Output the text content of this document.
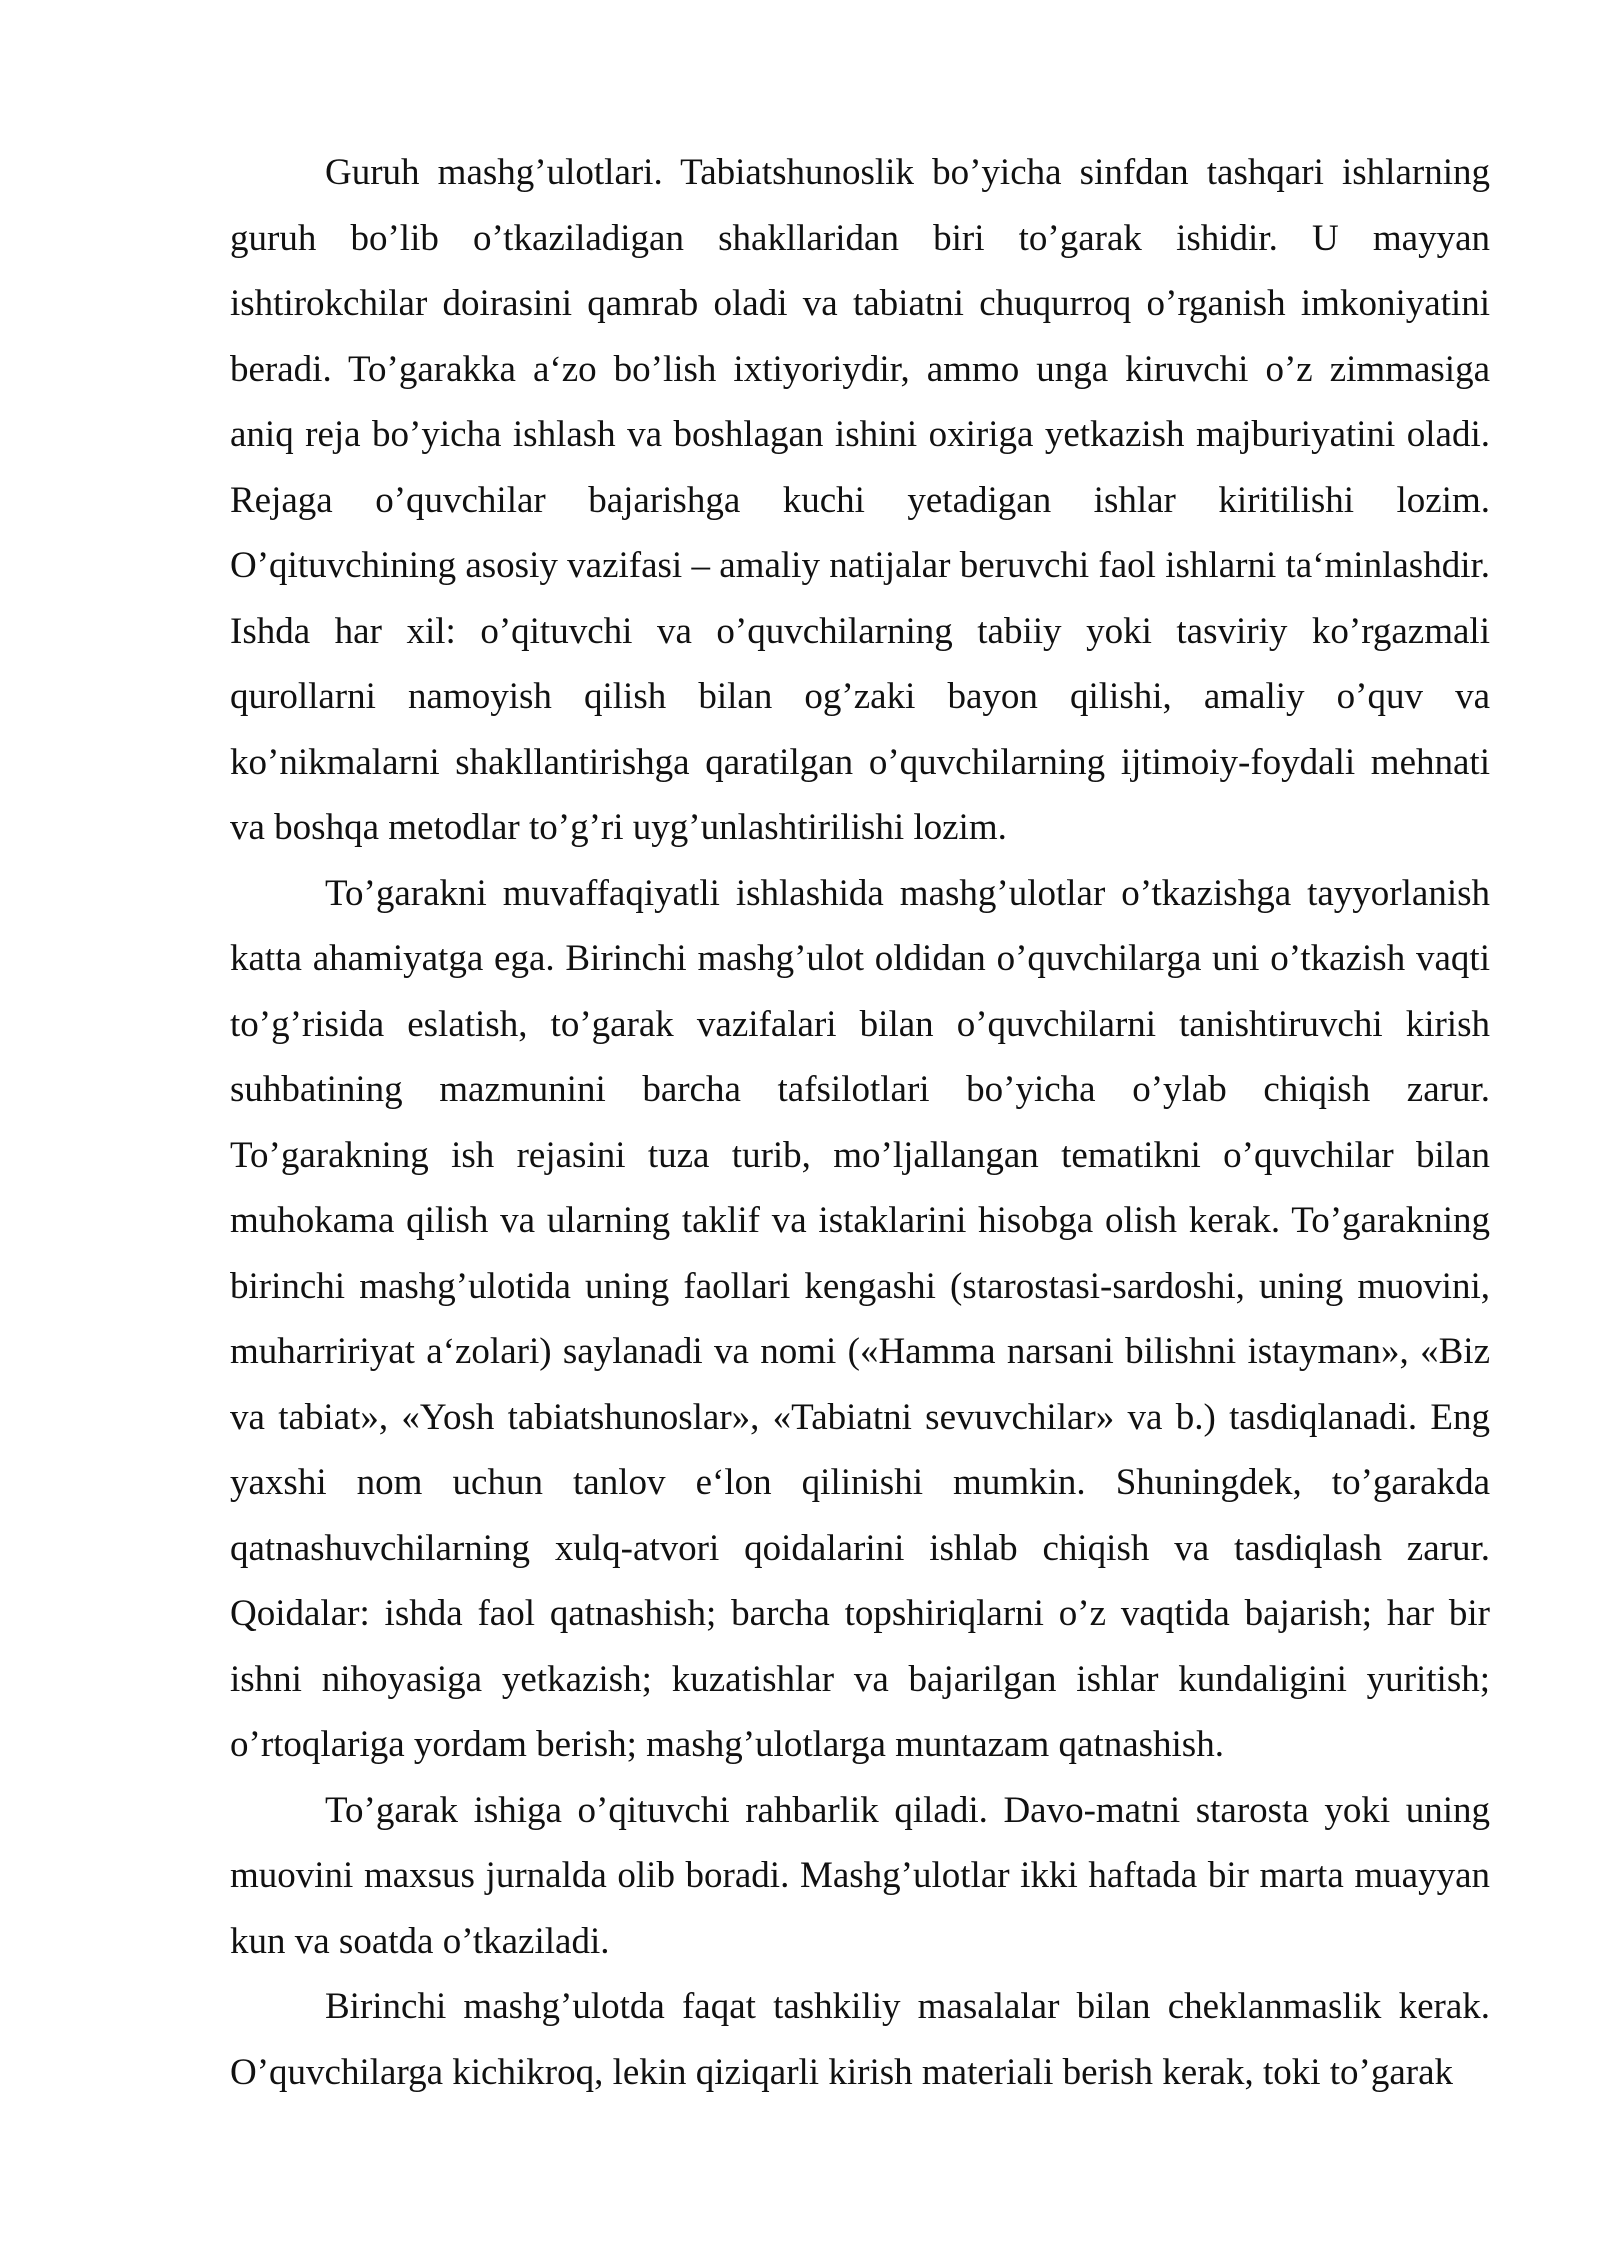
Guruh mashg’ulotlari. Tabiatshunoslik bo’yicha sinfdan tashqari ishlarning guruh bo’lib o’tkaziladigan shakllaridan biri to’garak ishidir. U mayyan ishtirokchilar doirasini qamrab oladi va tabiatni chuqurroq o’rganish imkoniyatini beradi. To’garakka a‘zo bo’lish ixtiyoriydir, ammo unga kiruvchi o’z zimmasiga aniq reja bo’yicha ishlash va boshlagan ishini oxiriga yetkazish majburiyatini oladi. Rejaga o’quvchilar bajarishga kuchi yetadigan ishlar kiritilishi lozim. O’qituvchining asosiy vazifasi – amaliy natijalar beruvchi faol ishlarni ta‘minlashdir. Ishda har xil: o’qituvchi va o’quvchilarning tabiiy yoki tasviriy ko’rgazmali qurollarni namoyish qilish bilan og’zaki bayon qilishi, amaliy o’quv va ko’nikmalarni shakllantirishga qaratilgan o’quvchilarning ijtimoiy-foydali mehnati va boshqa metodlar to’g’ri uyg’unlashtirilishi lozim.

To’garakni muvaffaqiyatli ishlashida mashg’ulotlar o’tkazishga tayyorlanish katta ahamiyatga ega. Birinchi mashg’ulot oldidan o’quvchilarga uni o’tkazish vaqti to’g’risida eslatish, to’garak vazifalari bilan o’quvchilarni tanishtiruvchi kirish suhbatining mazmunini barcha tafsilotlari bo’yicha o’ylab chiqish zarur. To’garakning ish rejasini tuza turib, mo’ljallangan tematikni o’quvchilar bilan muhokama qilish va ularning taklif va istaklarini hisobga olish kerak. To’garakning birinchi mashg’ulotida uning faollari kengashi (starostasi-sardoshi, uning muovini, muharririyat a‘zolari) saylanadi va nomi («Hamma narsani bilishni istayman», «Biz va tabiat», «Yosh tabiatshunoslar», «Tabiatni sevuvchilar» va b.) tasdiqlanadi. Eng yaxshi nom uchun tanlov e‘lon qilinishi mumkin. Shuningdek, to’garakda qatnashuvchilarning xulq-atvori qoidalarini ishlab chiqish va tasdiqlash zarur. Qoidalar: ishda faol qatnashish; barcha topshiriqlarni o’z vaqtida bajarish; har bir ishni nihoyasiga yetkazish; kuzatishlar va bajarilgan ishlar kundaligini yuritish; o’rtoqlariga yordam berish; mashg’ulotlarga muntazam qatnashish.

To’garak ishiga o’qituvchi rahbarlik qiladi. Davo-matni starosta yoki uning muovini maxsus jurnalda olib boradi. Mashg’ulotlar ikki haftada bir marta muayyan kun va soatda o’tkaziladi.

Birinchi mashg’ulotda faqat tashkiliy masalalar bilan cheklanmaslik kerak. O’quvchilarga kichikroq, lekin qiziqarli kirish materiali berish kerak, toki to’garak
